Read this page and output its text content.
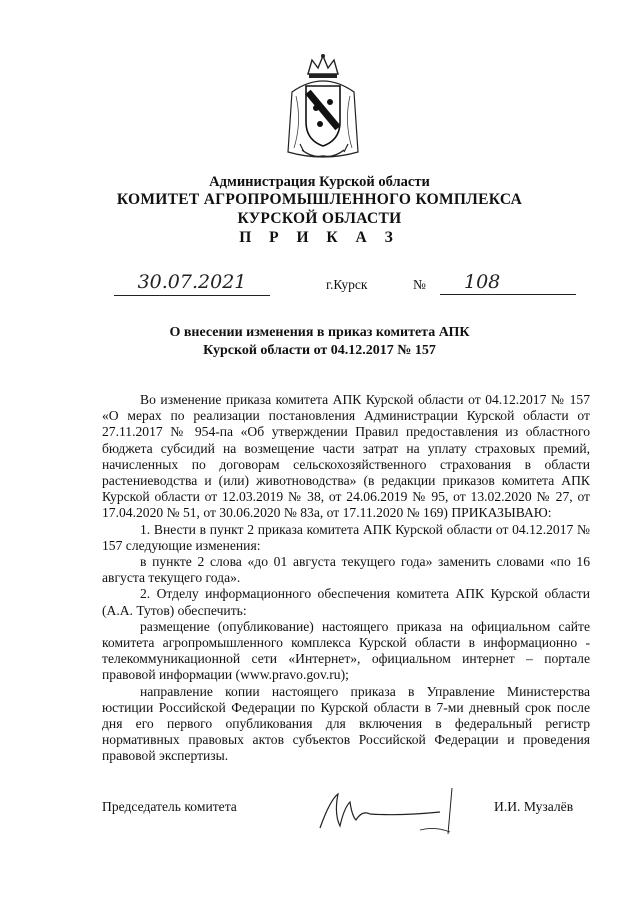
Администрация Курской области
КОМИТЕТ АГРОПРОМЫШЛЕННОГО КОМПЛЕКСА
КУРСКОЙ ОБЛАСТИ
П Р И К А З
30.07.2021	г.Курск	№	108
О внесении изменения в приказ комитета АПК
Курской области от 04.12.2017 № 157

Во изменение приказа комитета АПК Курской области от 04.12.2017 № 157 «О мерах по реализации постановления Администрации Курской области от 27.11.2017 № 954-па «Об утверждении Правил предоставления из областного бюджета субсидий на возмещение части затрат на уплату страховых премий, начисленных по договорам сельскохозяйственного страхования в области растениеводства и (или) животноводства» (в редакции приказов комитета АПК Курской области от 12.03.2019 № 38, от 24.06.2019 № 95, от 13.02.2020 № 27, от 17.04.2020 № 51, от 30.06.2020 № 83а, от 17.11.2020 № 169) ПРИКАЗЫВАЮ:

1. Внести в пункт 2 приказа комитета АПК Курской области от 04.12.2017 № 157 следующие изменения:

в пункте 2 слова «до 01 августа текущего года» заменить словами «по 16 августа текущего года».

2. Отделу информационного обеспечения комитета АПК Курской области (А.А. Тутов) обеспечить:

размещение (опубликование) настоящего приказа на официальном сайте комитета агропромышленного комплекса Курской области в информационно - телекоммуникационной сети «Интернет», официальном интернет – портале правовой информации (www.pravo.gov.ru);

направление копии настоящего приказа в Управление Министерства юстиции Российской Федерации по Курской области в 7-ми дневный срок после дня его первого опубликования для включения в федеральный регистр нормативных правовых актов субъектов Российской Федерации и проведения правовой экспертизы.

Председатель комитета	И.И. Музалёв
